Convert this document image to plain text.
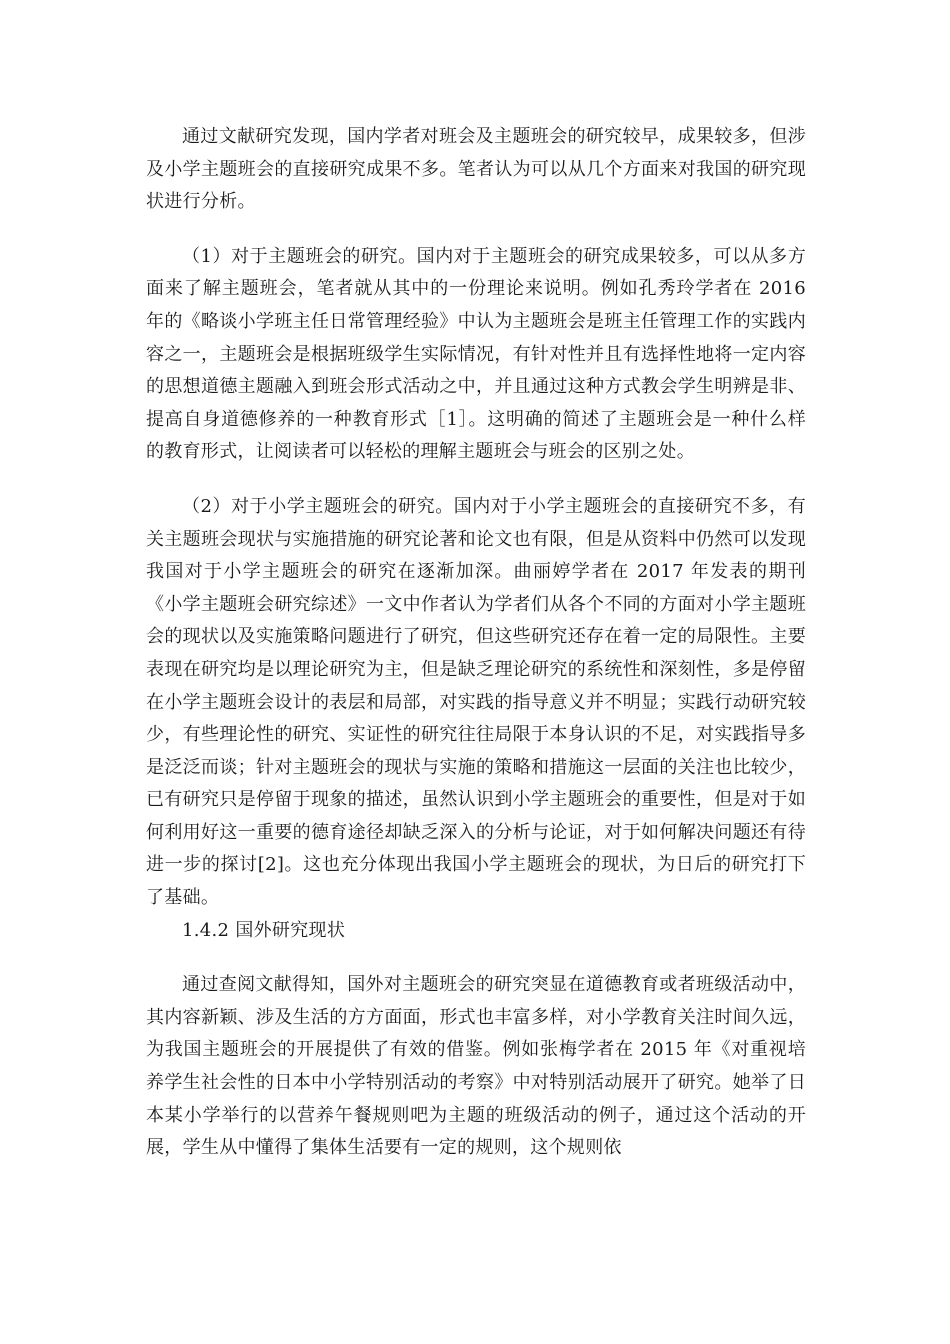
通过文献研究发现，国内学者对班会及主题班会的研究较早，成果较多，但涉及小学主题班会的直接研究成果不多。笔者认为可以从几个方面来对我国的研究现状进行分析。

（1）对于主题班会的研究。国内对于主题班会的研究成果较多，可以从多方面来了解主题班会，笔者就从其中的一份理论来说明。例如孔秀玲学者在 2016 年的《略谈小学班主任日常管理经验》中认为主题班会是班主任管理工作的实践内容之一，主题班会是根据班级学生实际情况，有针对性并且有选择性地将一定内容的思想道德主题融入到班会形式活动之中，并且通过这种方式教会学生明辨是非、提高自身道德修养的一种教育形式［1］。这明确的简述了主题班会是一种什么样的教育形式，让阅读者可以轻松的理解主题班会与班会的区别之处。

（2）对于小学主题班会的研究。国内对于小学主题班会的直接研究不多，有关主题班会现状与实施措施的研究论著和论文也有限，但是从资料中仍然可以发现我国对于小学主题班会的研究在逐渐加深。曲丽婷学者在 2017 年发表的期刊《小学主题班会研究综述》一文中作者认为学者们从各个不同的方面对小学主题班会的现状以及实施策略问题进行了研究，但这些研究还存在着一定的局限性。主要表现在研究均是以理论研究为主，但是缺乏理论研究的系统性和深刻性，多是停留在小学主题班会设计的表层和局部，对实践的指导意义并不明显；实践行动研究较少，有些理论性的研究、实证性的研究往往局限于本身认识的不足，对实践指导多是泛泛而谈；针对主题班会的现状与实施的策略和措施这一层面的关注也比较少，已有研究只是停留于现象的描述，虽然认识到小学主题班会的重要性，但是对于如何利用好这一重要的德育途径却缺乏深入的分析与论证，对于如何解决问题还有待进一步的探讨[2]。这也充分体现出我国小学主题班会的现状，为日后的研究打下了基础。

1.4.2 国外研究现状

通过查阅文献得知，国外对主题班会的研究突显在道德教育或者班级活动中，其内容新颖、涉及生活的方方面面，形式也丰富多样，对小学教育关注时间久远，为我国主题班会的开展提供了有效的借鉴。例如张梅学者在 2015 年《对重视培养学生社会性的日本中小学特别活动的考察》中对特别活动展开了研究。她举了日本某小学举行的以营养午餐规则吧为主题的班级活动的例子，通过这个活动的开展，学生从中懂得了集体生活要有一定的规则，这个规则依
